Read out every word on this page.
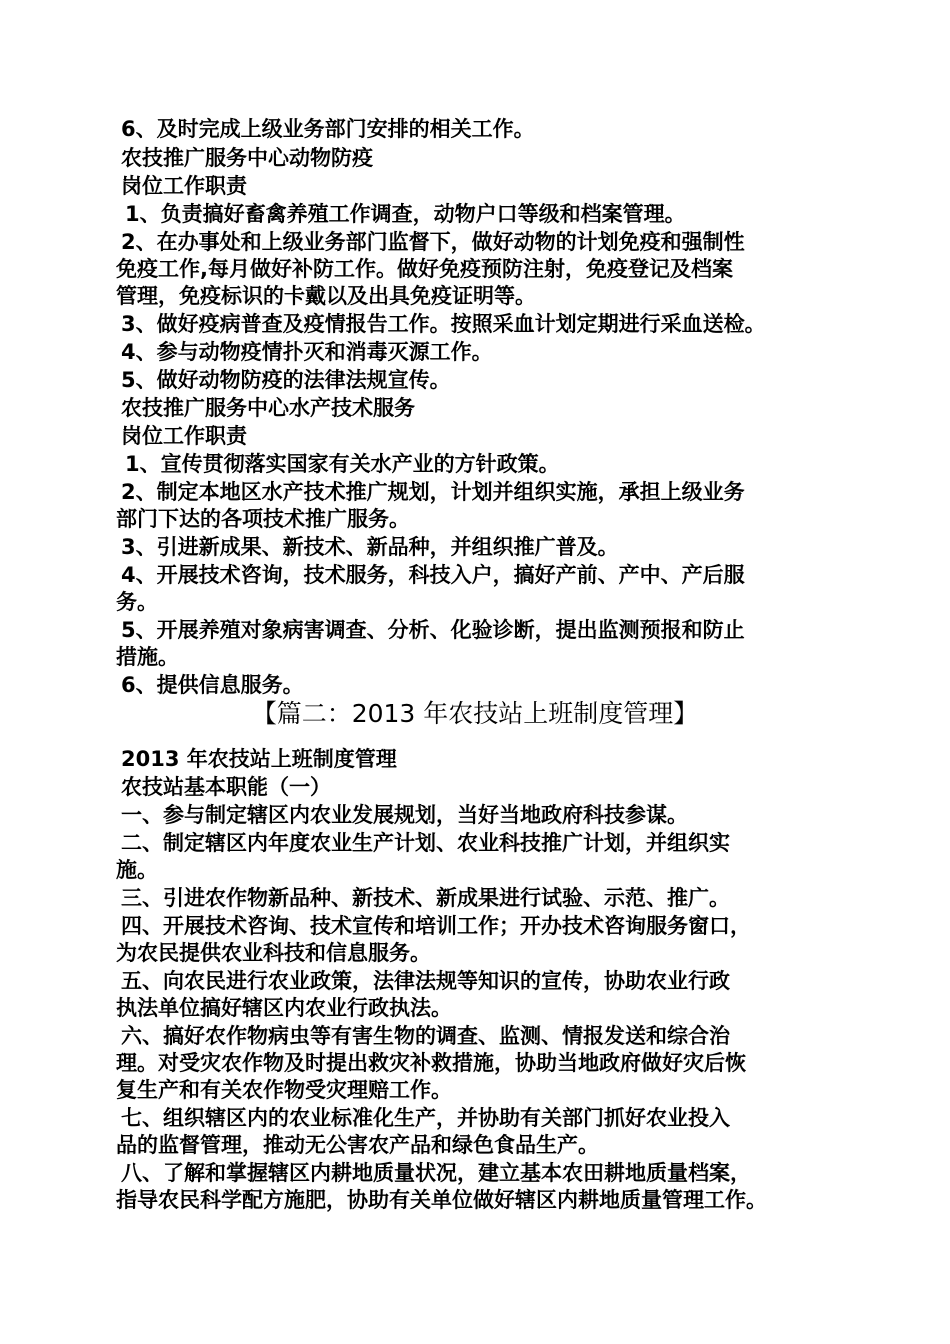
6、及时完成上级业务部门安排的相关工作。
农技推广服务中心动物防疫
岗位工作职责
1、负责搞好畜禽养殖工作调查，动物户口等级和档案管理。
2、在办事处和上级业务部门监督下，做好动物的计划免疫和强制性
免疫工作,每月做好补防工作。做好免疫预防注射，免疫登记及档案
管理，免疫标识的卡戴以及出具免疫证明等。
3、做好疫病普查及疫情报告工作。按照采血计划定期进行采血送检。
4、参与动物疫情扑灭和消毒灭源工作。
5、做好动物防疫的法律法规宣传。
农技推广服务中心水产技术服务
岗位工作职责
1、宣传贯彻落实国家有关水产业的方针政策。
2、制定本地区水产技术推广规划，计划并组织实施，承担上级业务
部门下达的各项技术推广服务。
3、引进新成果、新技术、新品种，并组织推广普及。
4、开展技术咨询，技术服务，科技入户，搞好产前、产中、产后服
务。
5、开展养殖对象病害调查、分析、化验诊断，提出监测预报和防止
措施。
6、提供信息服务。
【篇二：2013 年农技站上班制度管理】
2013 年农技站上班制度管理
农技站基本职能（一）
一、参与制定辖区内农业发展规划，当好当地政府科技参谋。
二、制定辖区内年度农业生产计划、农业科技推广计划，并组织实
施。
三、引进农作物新品种、新技术、新成果进行试验、示范、推广。
四、开展技术咨询、技术宣传和培训工作；开办技术咨询服务窗口，
为农民提供农业科技和信息服务。
五、向农民进行农业政策，法律法规等知识的宣传，协助农业行政
执法单位搞好辖区内农业行政执法。
六、搞好农作物病虫等有害生物的调查、监测、情报发送和综合治
理。对受灾农作物及时提出救灾补救措施，协助当地政府做好灾后恢
复生产和有关农作物受灾理赔工作。
七、组织辖区内的农业标准化生产，并协助有关部门抓好农业投入
品的监督管理，推动无公害农产品和绿色食品生产。
八、了解和掌握辖区内耕地质量状况，建立基本农田耕地质量档案，
指导农民科学配方施肥，协助有关单位做好辖区内耕地质量管理工作。
